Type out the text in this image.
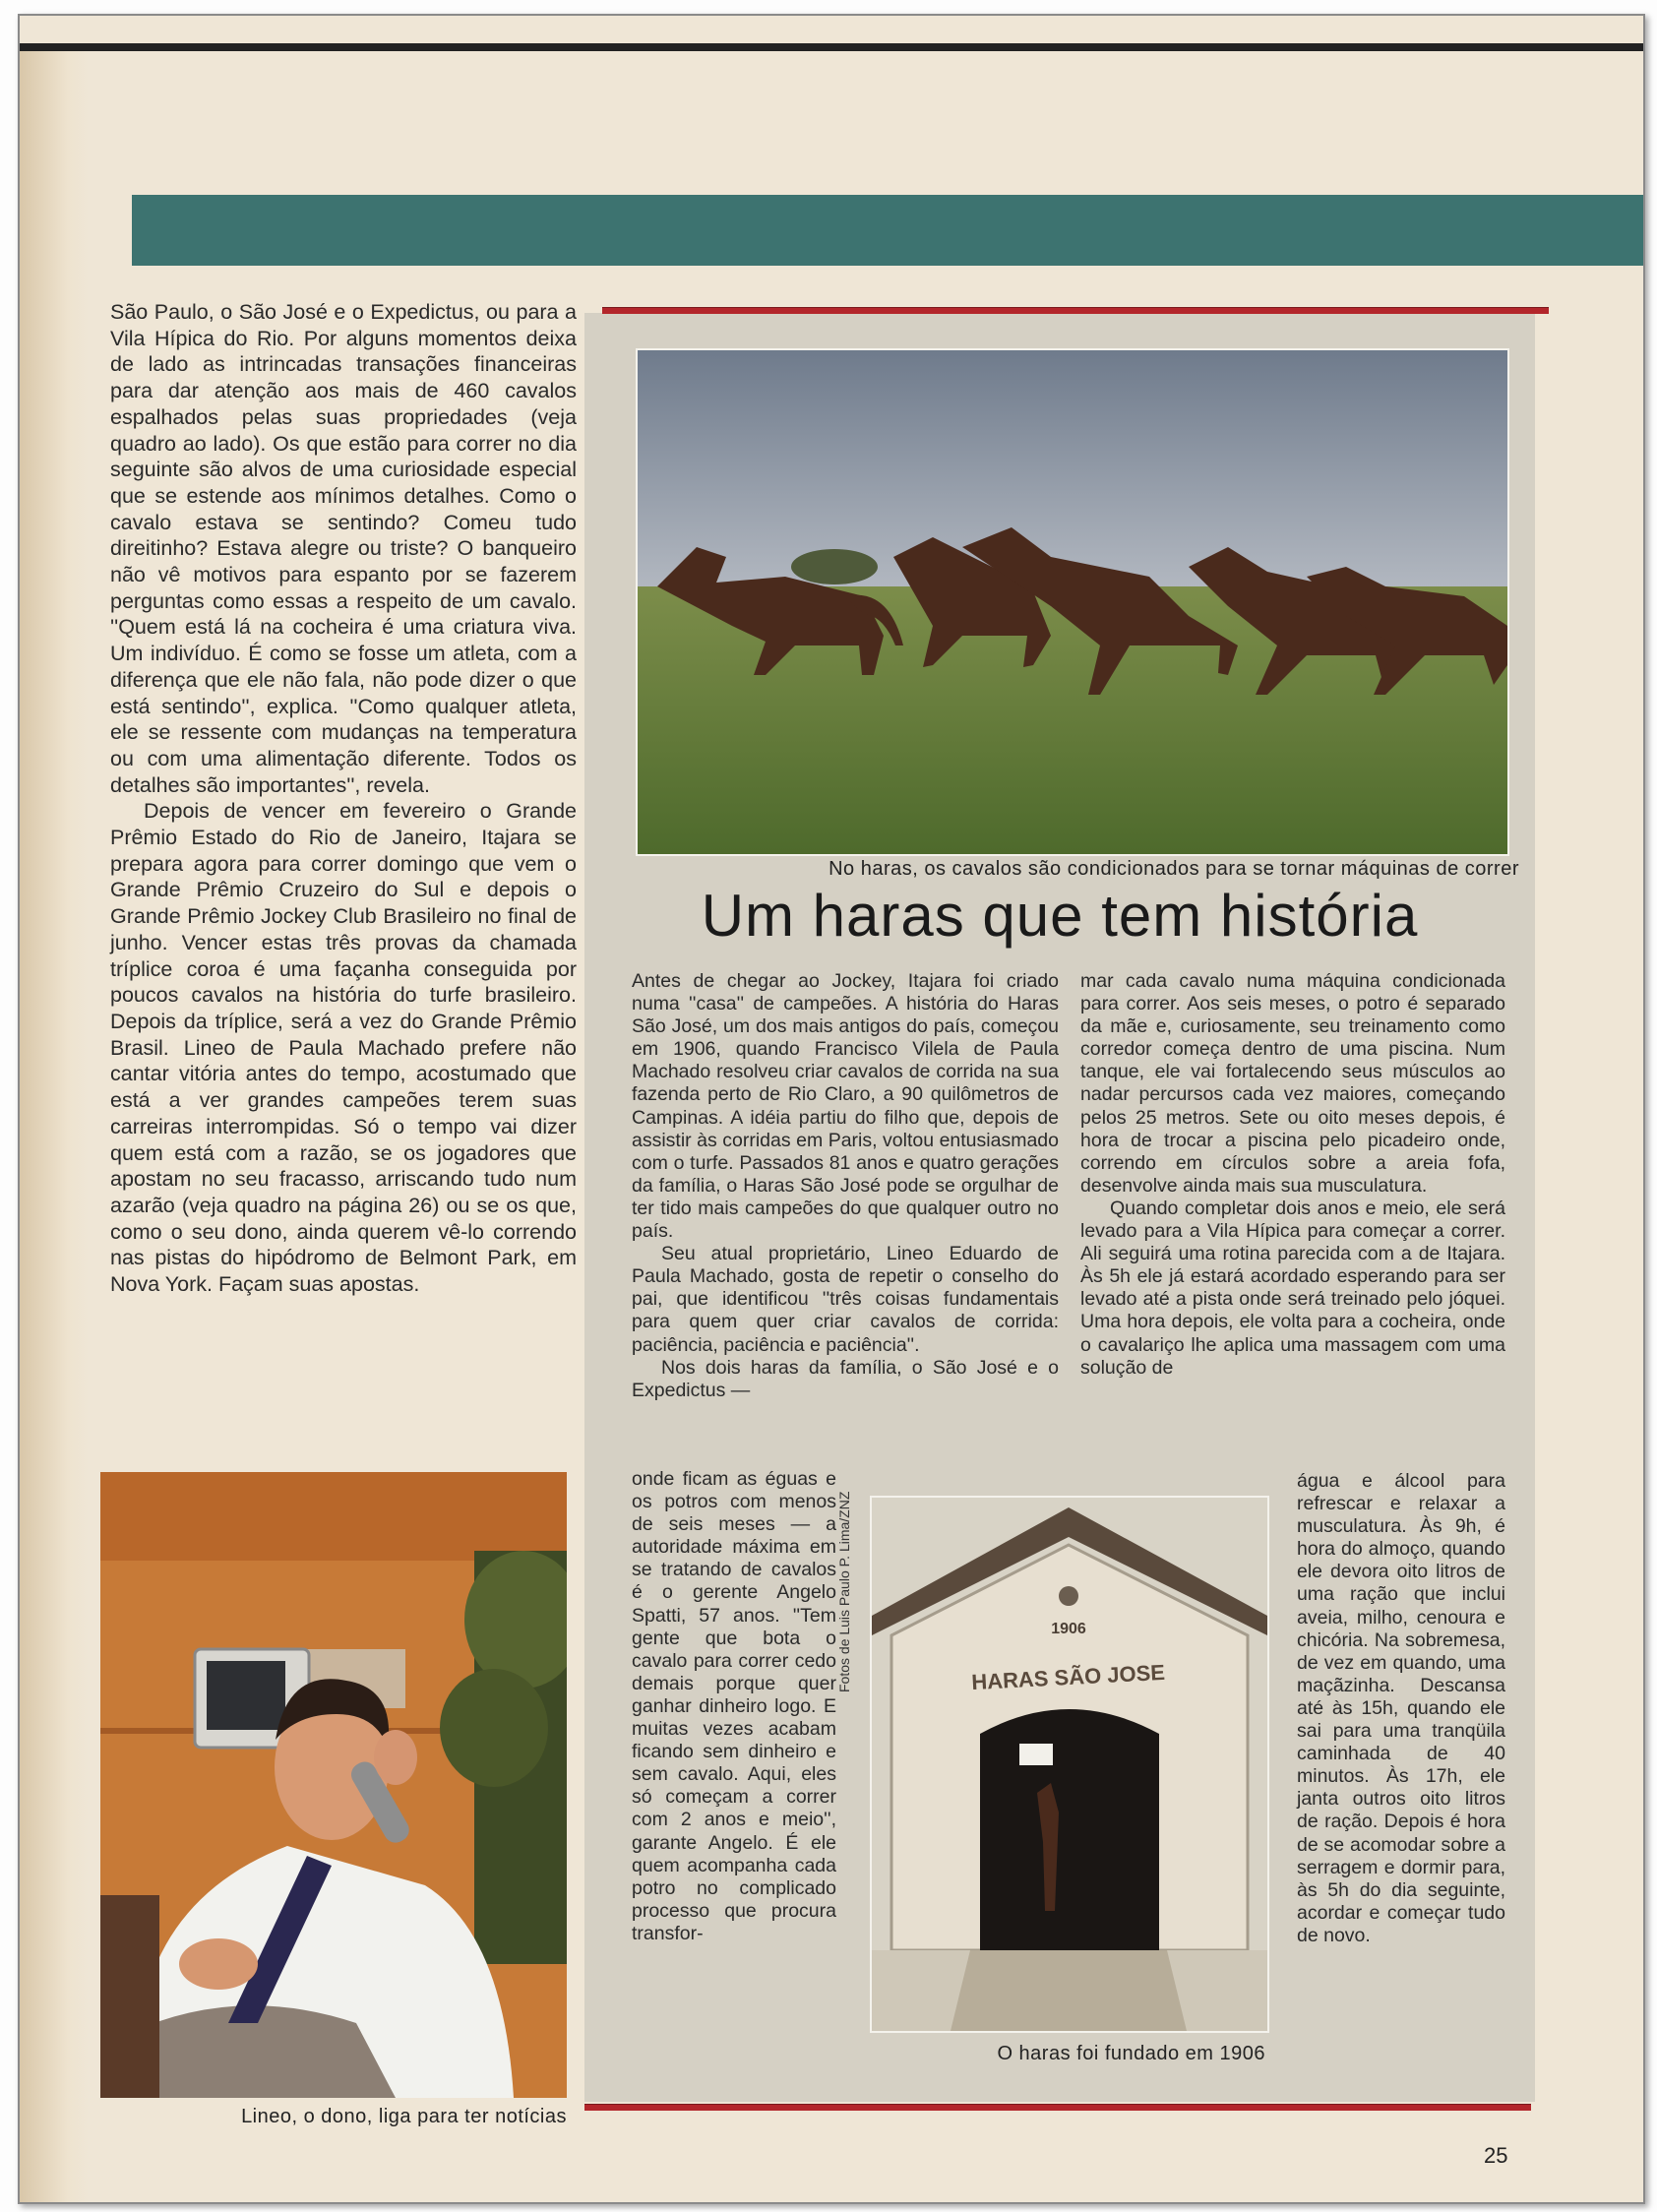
São Paulo, o São José e o Expedictus, ou para a Vila Hípica do Rio. Por alguns momentos deixa de lado as intrincadas transações financeiras para dar atenção aos mais de 460 cavalos espalhados pelas suas propriedades (veja quadro ao lado). Os que estão para correr no dia seguinte são alvos de uma curiosidade especial que se estende aos mínimos detalhes. Como o cavalo estava se sentindo? Comeu tudo direitinho? Estava alegre ou triste? O banqueiro não vê motivos para espanto por se fazerem perguntas como essas a respeito de um cavalo. ''Quem está lá na cocheira é uma criatura viva. Um indivíduo. É como se fosse um atleta, com a diferença que ele não fala, não pode dizer o que está sentindo'', explica. ''Como qualquer atleta, ele se ressente com mudanças na temperatura ou com uma alimentação diferente. Todos os detalhes são importantes'', revela.

Depois de vencer em fevereiro o Grande Prêmio Estado do Rio de Janeiro, Itajara se prepara agora para correr domingo que vem o Grande Prêmio Cruzeiro do Sul e depois o Grande Prêmio Jockey Club Brasileiro no final de junho. Vencer estas três provas da chamada tríplice coroa é uma façanha conseguida por poucos cavalos na história do turfe brasileiro. Depois da tríplice, será a vez do Grande Prêmio Brasil. Lineo de Paula Machado prefere não cantar vitória antes do tempo, acostumado que está a ver grandes campeões terem suas carreiras interrompidas. Só o tempo vai dizer quem está com a razão, se os jogadores que apostam no seu fracasso, arriscando tudo num azarão (veja quadro na página 26) ou se os que, como o seu dono, ainda querem vê-lo correndo nas pistas do hipódromo de Belmont Park, em Nova York. Façam suas apostas.

Lineo, o dono, liga para ter notícias
No haras, os cavalos são condicionados para se tornar máquinas de correr
Um haras que tem história

Antes de chegar ao Jockey, Itajara foi criado numa ''casa'' de campeões. A história do Haras São José, um dos mais antigos do país, começou em 1906, quando Francisco Vilela de Paula Machado resolveu criar cavalos de corrida na sua fazenda perto de Rio Claro, a 90 quilômetros de Campinas. A idéia partiu do filho que, depois de assistir às corridas em Paris, voltou entusiasmado com o turfe. Passados 81 anos e quatro gerações da família, o Haras São José pode se orgulhar de ter tido mais campeões do que qualquer outro no país.

Seu atual proprietário, Lineo Eduardo de Paula Machado, gosta de repetir o conselho do pai, que identificou ''três coisas fundamentais para quem quer criar cavalos de corrida: paciência, paciência e paciência''.

Nos dois haras da família, o São José e o Expedictus —

onde ficam as éguas e os potros com menos de seis meses — a autoridade máxima em se tratando de cavalos é o gerente Angelo Spatti, 57 anos. ''Tem gente que bota o cavalo para correr cedo demais porque quer ganhar dinheiro logo. E muitas vezes acabam ficando sem dinheiro e sem cavalo. Aqui, eles só começam a correr com 2 anos e meio'', garante Angelo. É ele quem acompanha cada potro no complicado processo que procura transfor-

mar cada cavalo numa máquina condicionada para correr. Aos seis meses, o potro é separado da mãe e, curiosamente, seu treinamento como corredor começa dentro de uma piscina. Num tanque, ele vai fortalecendo seus músculos ao nadar percursos cada vez maiores, começando pelos 25 metros. Sete ou oito meses depois, é hora de trocar a piscina pelo picadeiro onde, correndo em círculos sobre a areia fofa, desenvolve ainda mais sua musculatura.

Quando completar dois anos e meio, ele será levado para a Vila Hípica para começar a correr. Ali seguirá uma rotina parecida com a de Itajara. Às 5h ele já estará acordado esperando para ser levado até a pista onde será treinado pelo jóquei. Uma hora depois, ele volta para a cocheira, onde o cavalariço lhe aplica uma massagem com uma solução de

água e álcool para refrescar e relaxar a musculatura. Às 9h, é hora do almoço, quando ele devora oito litros de uma ração que inclui aveia, milho, cenoura e chicória. Na sobremesa, de vez em quando, uma maçãzinha. Descansa até às 15h, quando ele sai para uma tranqüila caminhada de 40 minutos. Às 17h, ele janta outros oito litros de ração. Depois é hora de se acomodar sobre a serragem e dormir para, às 5h do dia seguinte, acordar e começar tudo de novo.

Fotos de Luis Paulo P. Lima/ZNZ	1906
HARAS SÃO JOSE
O haras foi fundado em 1906
25
